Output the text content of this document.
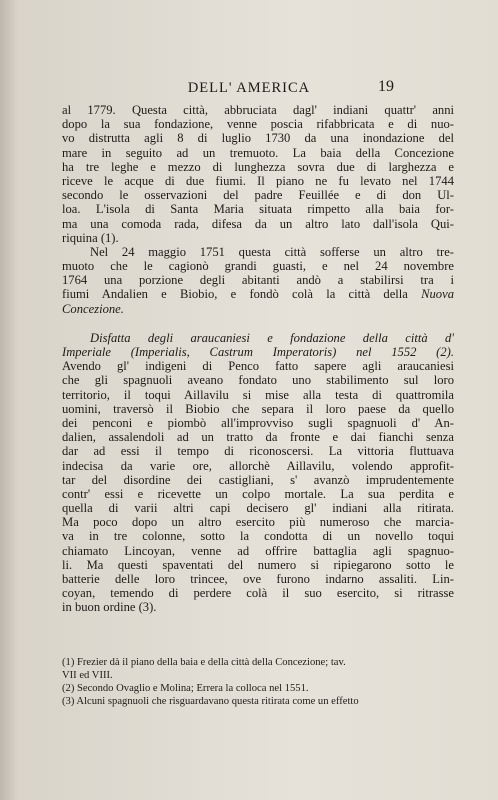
DELL' AMERICA	19
al 1779. Questa città, abbruciata dagl' indiani quattr' anni
dopo la sua fondazione, venne poscia rifabbricata e di nuo-
vo distrutta agli 8 di luglio 1730 da una inondazione del
mare in seguito ad un tremuoto. La baia della Concezione
ha tre leghe e mezzo di lunghezza sovra due di larghezza e
riceve le acque di due fiumi. Il piano ne fu levato nel 1744
secondo le osservazioni del padre Feuillée e di don Ul-
loa. L'isola di Santa Maria situata rimpetto alla baia for-
ma una comoda rada, difesa da un altro lato dall'isola Qui-
riquina (1).
Nel 24 maggio 1751 questa città sofferse un altro tre-
muoto che le cagionò grandi guasti, e nel 24 novembre
1764 una porzione degli abitanti andò a stabilirsi tra i
fiumi Andalien e Biobio, e fondò colà la città della Nuova
Concezione.
Disfatta degli araucaniesi e fondazione della città d'
Imperiale (Imperialis, Castrum Imperatoris) nel 1552 (2).
Avendo gl' indigeni di Penco fatto sapere agli araucaniesi
che gli spagnuoli aveano fondato uno stabilimento sul loro
territorio, il toqui Aillavilu si mise alla testa di quattromila
uomini, traversò il Biobio che separa il loro paese da quello
dei penconi e piombò all'improvviso sugli spagnuoli d' An-
dalien, assalendoli ad un tratto da fronte e dai fianchi senza
dar ad essi il tempo di riconoscersi. La vittoria fluttuava
indecisa da varie ore, allorchè Aillavilu, volendo approfit-
tar del disordine dei castigliani, s' avanzò imprudentemente
contr' essi e ricevette un colpo mortale. La sua perdita e
quella di varii altri capi decisero gl' indiani alla ritirata.
Ma poco dopo un altro esercito più numeroso che marcia-
va in tre colonne, sotto la condotta di un novello toqui
chiamato Lincoyan, venne ad offrire battaglia agli spagnuo-
li. Ma questi spaventati del numero si ripiegarono sotto le
batterie delle loro trincee, ove furono indarno assaliti. Lin-
coyan, temendo di perdere colà il suo esercito, si ritrasse
in buon ordine (3).
(1) Frezier dà il piano della baia e della città della Concezione; tav.
VII ed VIII.
(2) Secondo Ovaglio e Molina; Errera la colloca nel 1551.
(3) Alcuni spagnuoli che risguardavano questa ritirata come un effetto
